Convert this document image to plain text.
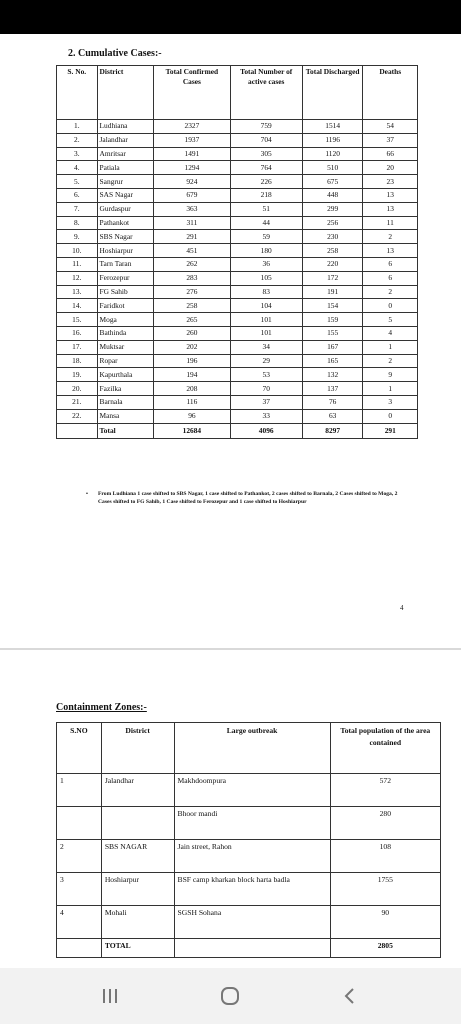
2. Cumulative Cases:-
S. No.	District	Total Confirmed Cases	Total Number of active cases	Total Discharged	Deaths
1.	Ludhiana	2327	759	1514	54
2.	Jalandhar	1937	704	1196	37
3.	Amritsar	1491	305	1120	66
4.	Patiala	1294	764	510	20
5.	Sangrur	924	226	675	23
6.	SAS Nagar	679	218	448	13
7.	Gurdaspur	363	51	299	13
8.	Pathankot	311	44	256	11
9.	SBS Nagar	291	59	230	2
10.	Hoshiarpur	451	180	258	13
11.	Tarn Taran	262	36	220	6
12.	Ferozepur	283	105	172	6
13.	FG Sahib	276	83	191	2
14.	Faridkot	258	104	154	0
15.	Moga	265	101	159	5
16.	Bathinda	260	101	155	4
17.	Muktsar	202	34	167	1
18.	Ropar	196	29	165	2
19.	Kapurthala	194	53	132	9
20.	Fazilka	208	70	137	1
21.	Barnala	116	37	76	3
22.	Mansa	96	33	63	0
	Total	12684	4096	8297	291
• From Ludhiana 1 case shifted to SBS Nagar, 1 case shifted to Pathankot, 2 cases shifted to Barnala, 2 Cases shifted to Moga, 2 Cases shifted to FG Sahib, 1 Case shifted to Ferozepur and 1 case shifted to Hoshiarpur
4
Containment Zones:-
S.NO	District	Large outbreak	Total population of the area contained
1	Jalandhar	Makhdoompura	572
		Bhoor mandi	280
2	SBS NAGAR	Jain street, Rahon	108
3	Hoshiarpur	BSF camp kharkan block harta badla	1755
4	Mohali	SGSH Sohana	90
	TOTAL		2805
